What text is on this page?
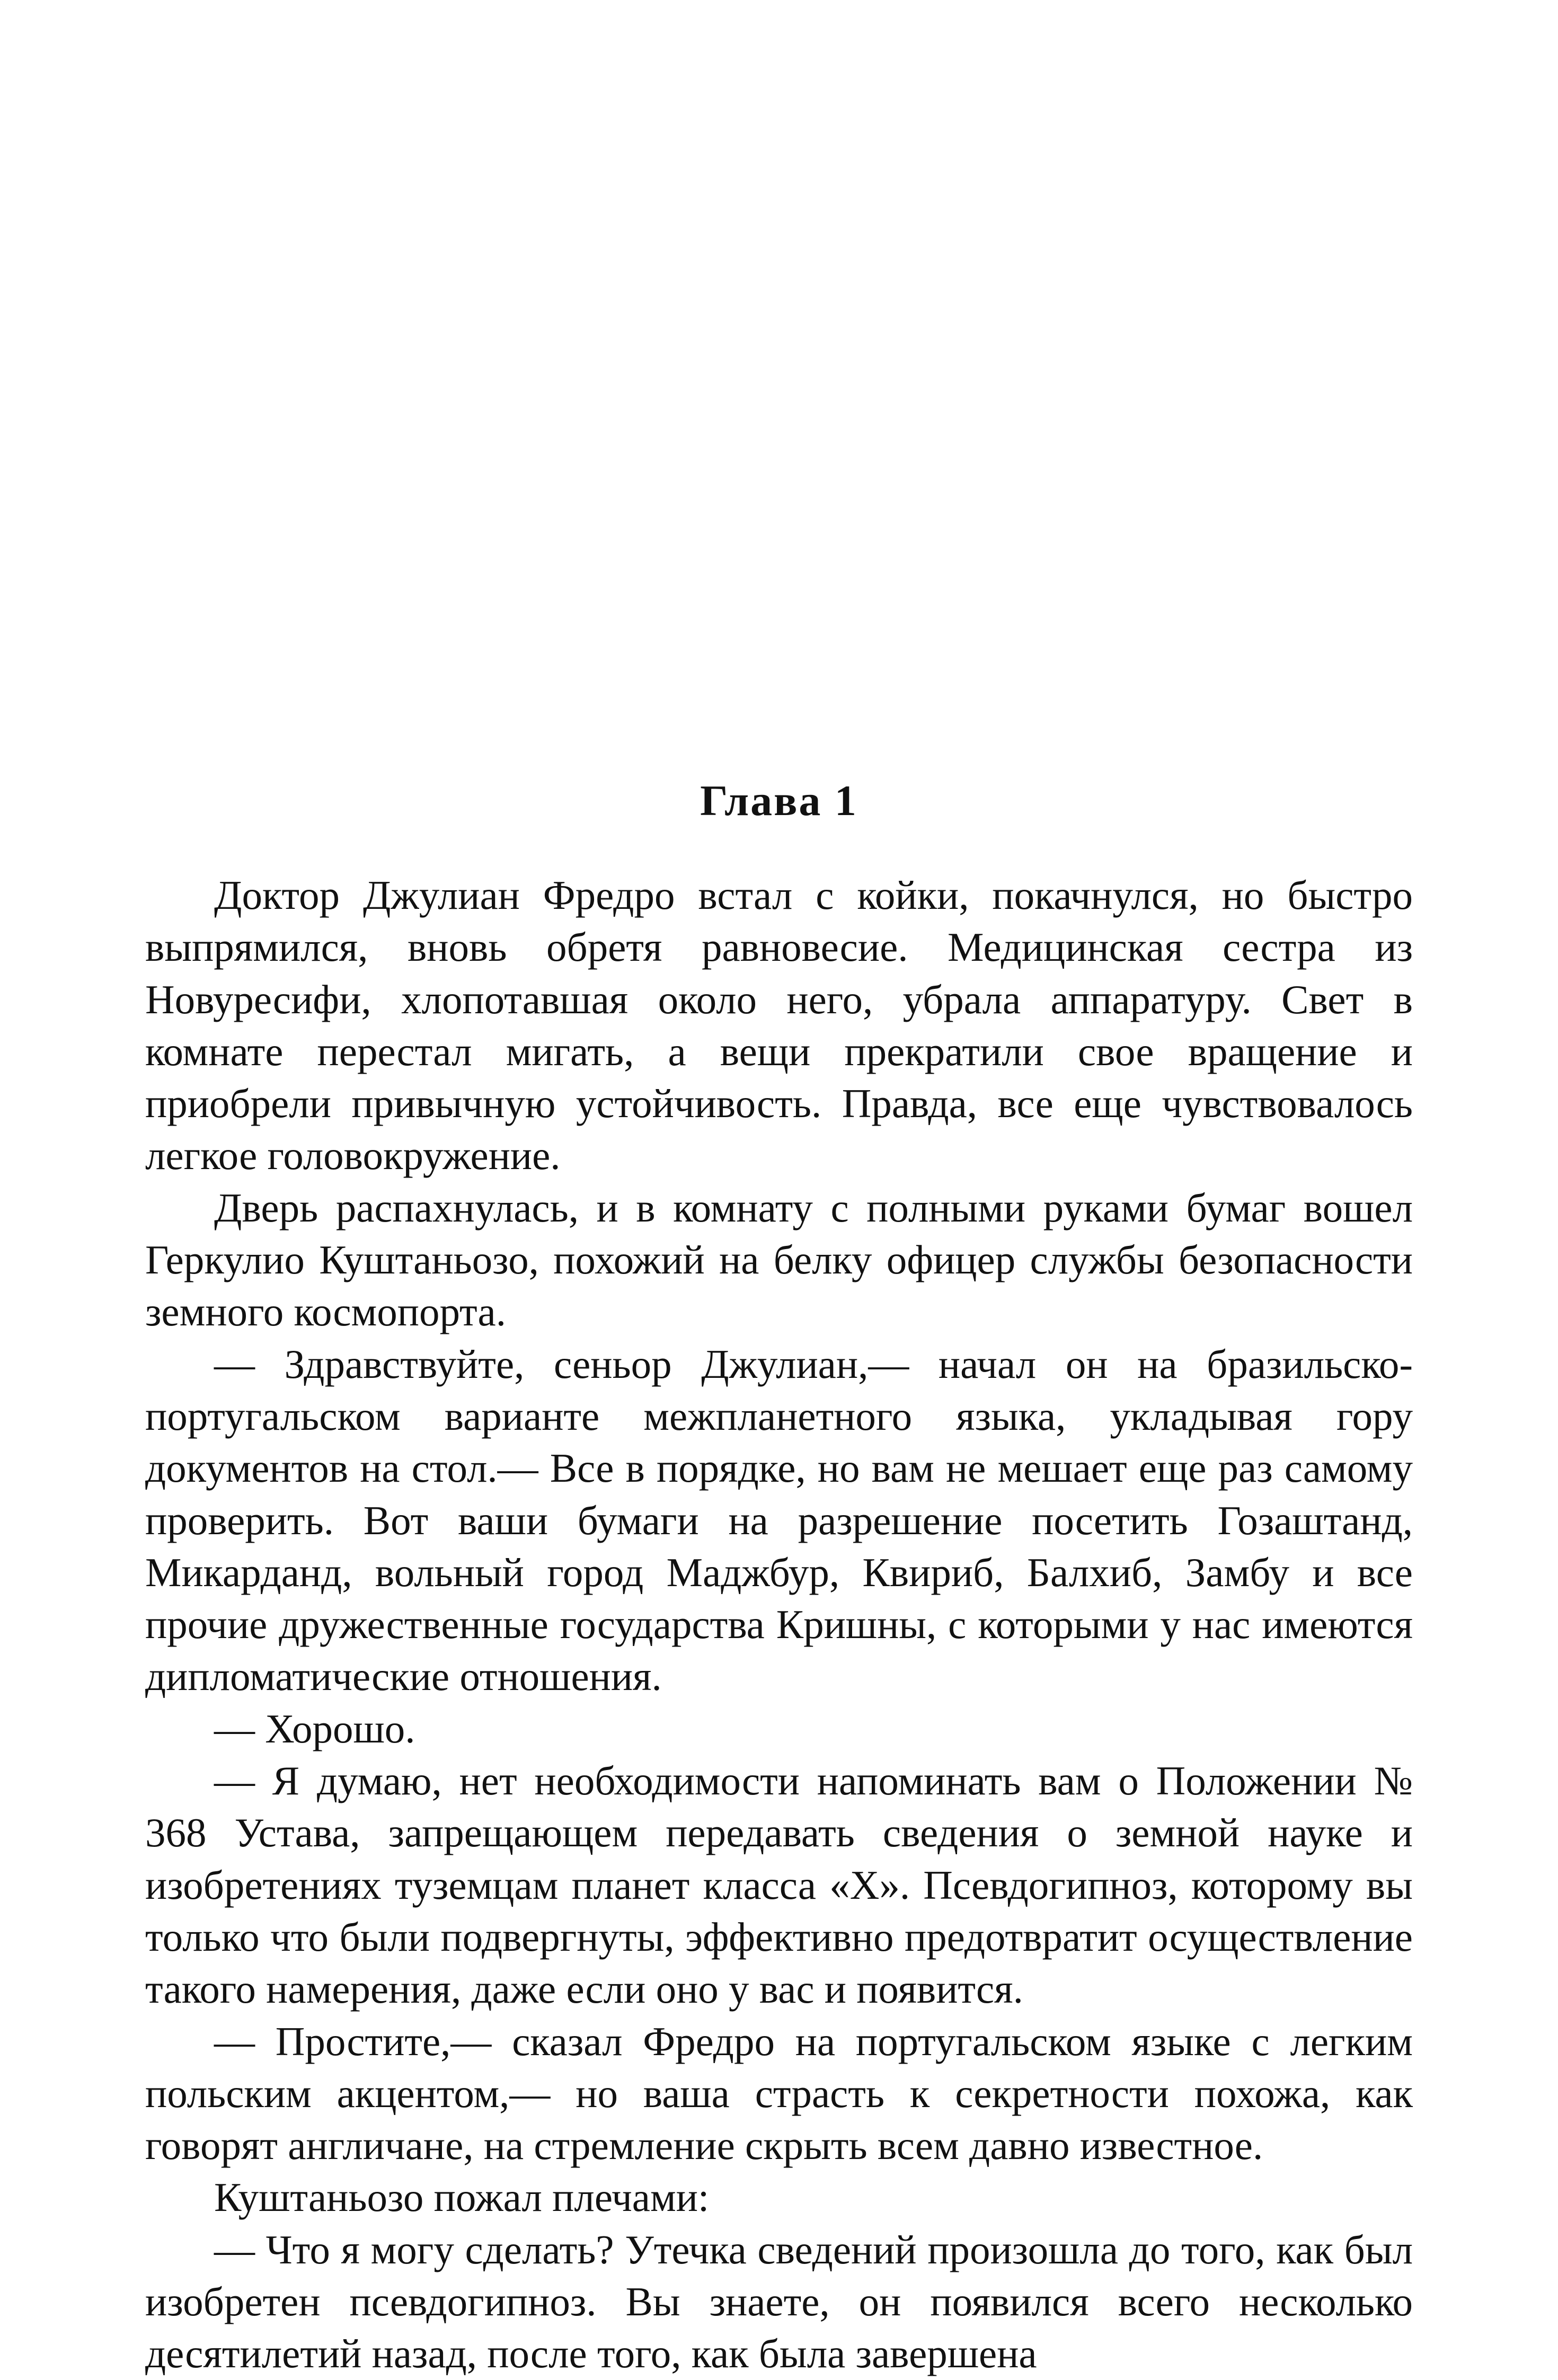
Глава 1

Доктор Джулиан Фредро встал с койки, покачнулся, но быстро выпрямился, вновь обретя равновесие. Медицинская сестра из Новуресифи, хлопотавшая около него, убрала аппаратуру. Свет в комнате перестал мигать, а вещи прекратили свое вращение и приобрели привычную устойчивость. Правда, все еще чувствовалось легкое головокружение.

Дверь распахнулась, и в комнату с полными руками бумаг вошел Геркулио Куштаньозо, похожий на белку офицер службы безопасности земного космопорта.

— Здравствуйте, сеньор Джулиан,— начал он на бразильско-португальском варианте межпланетного языка, укладывая гору документов на стол.— Все в порядке, но вам не мешает еще раз самому проверить. Вот ваши бумаги на разрешение посетить Гозаштанд, Микарданд, вольный город Маджбур, Квириб, Балхиб, Замбу и все прочие дружественные государства Кришны, с которыми у нас имеются дипломатические отношения.

— Хорошо.

— Я думаю, нет необходимости напоминать вам о Положении № 368 Устава, запрещающем передавать сведения о земной науке и изобретениях туземцам планет класса «X». Псевдогипноз, которому вы только что были подвергнуты, эффективно предотвратит осуществление такого намерения, даже если оно у вас и появится.

— Простите,— сказал Фредро на португальском языке с легким польским акцентом,— но ваша страсть к секретности похожа, как говорят англичане, на стремление скрыть всем давно известное.

Куштаньозо пожал плечами:

— Что я могу сделать? Утечка сведений произошла до того, как был изобретен псевдогипноз. Вы знаете, он появился всего несколько десятилетий назад, после того, как была завершена
